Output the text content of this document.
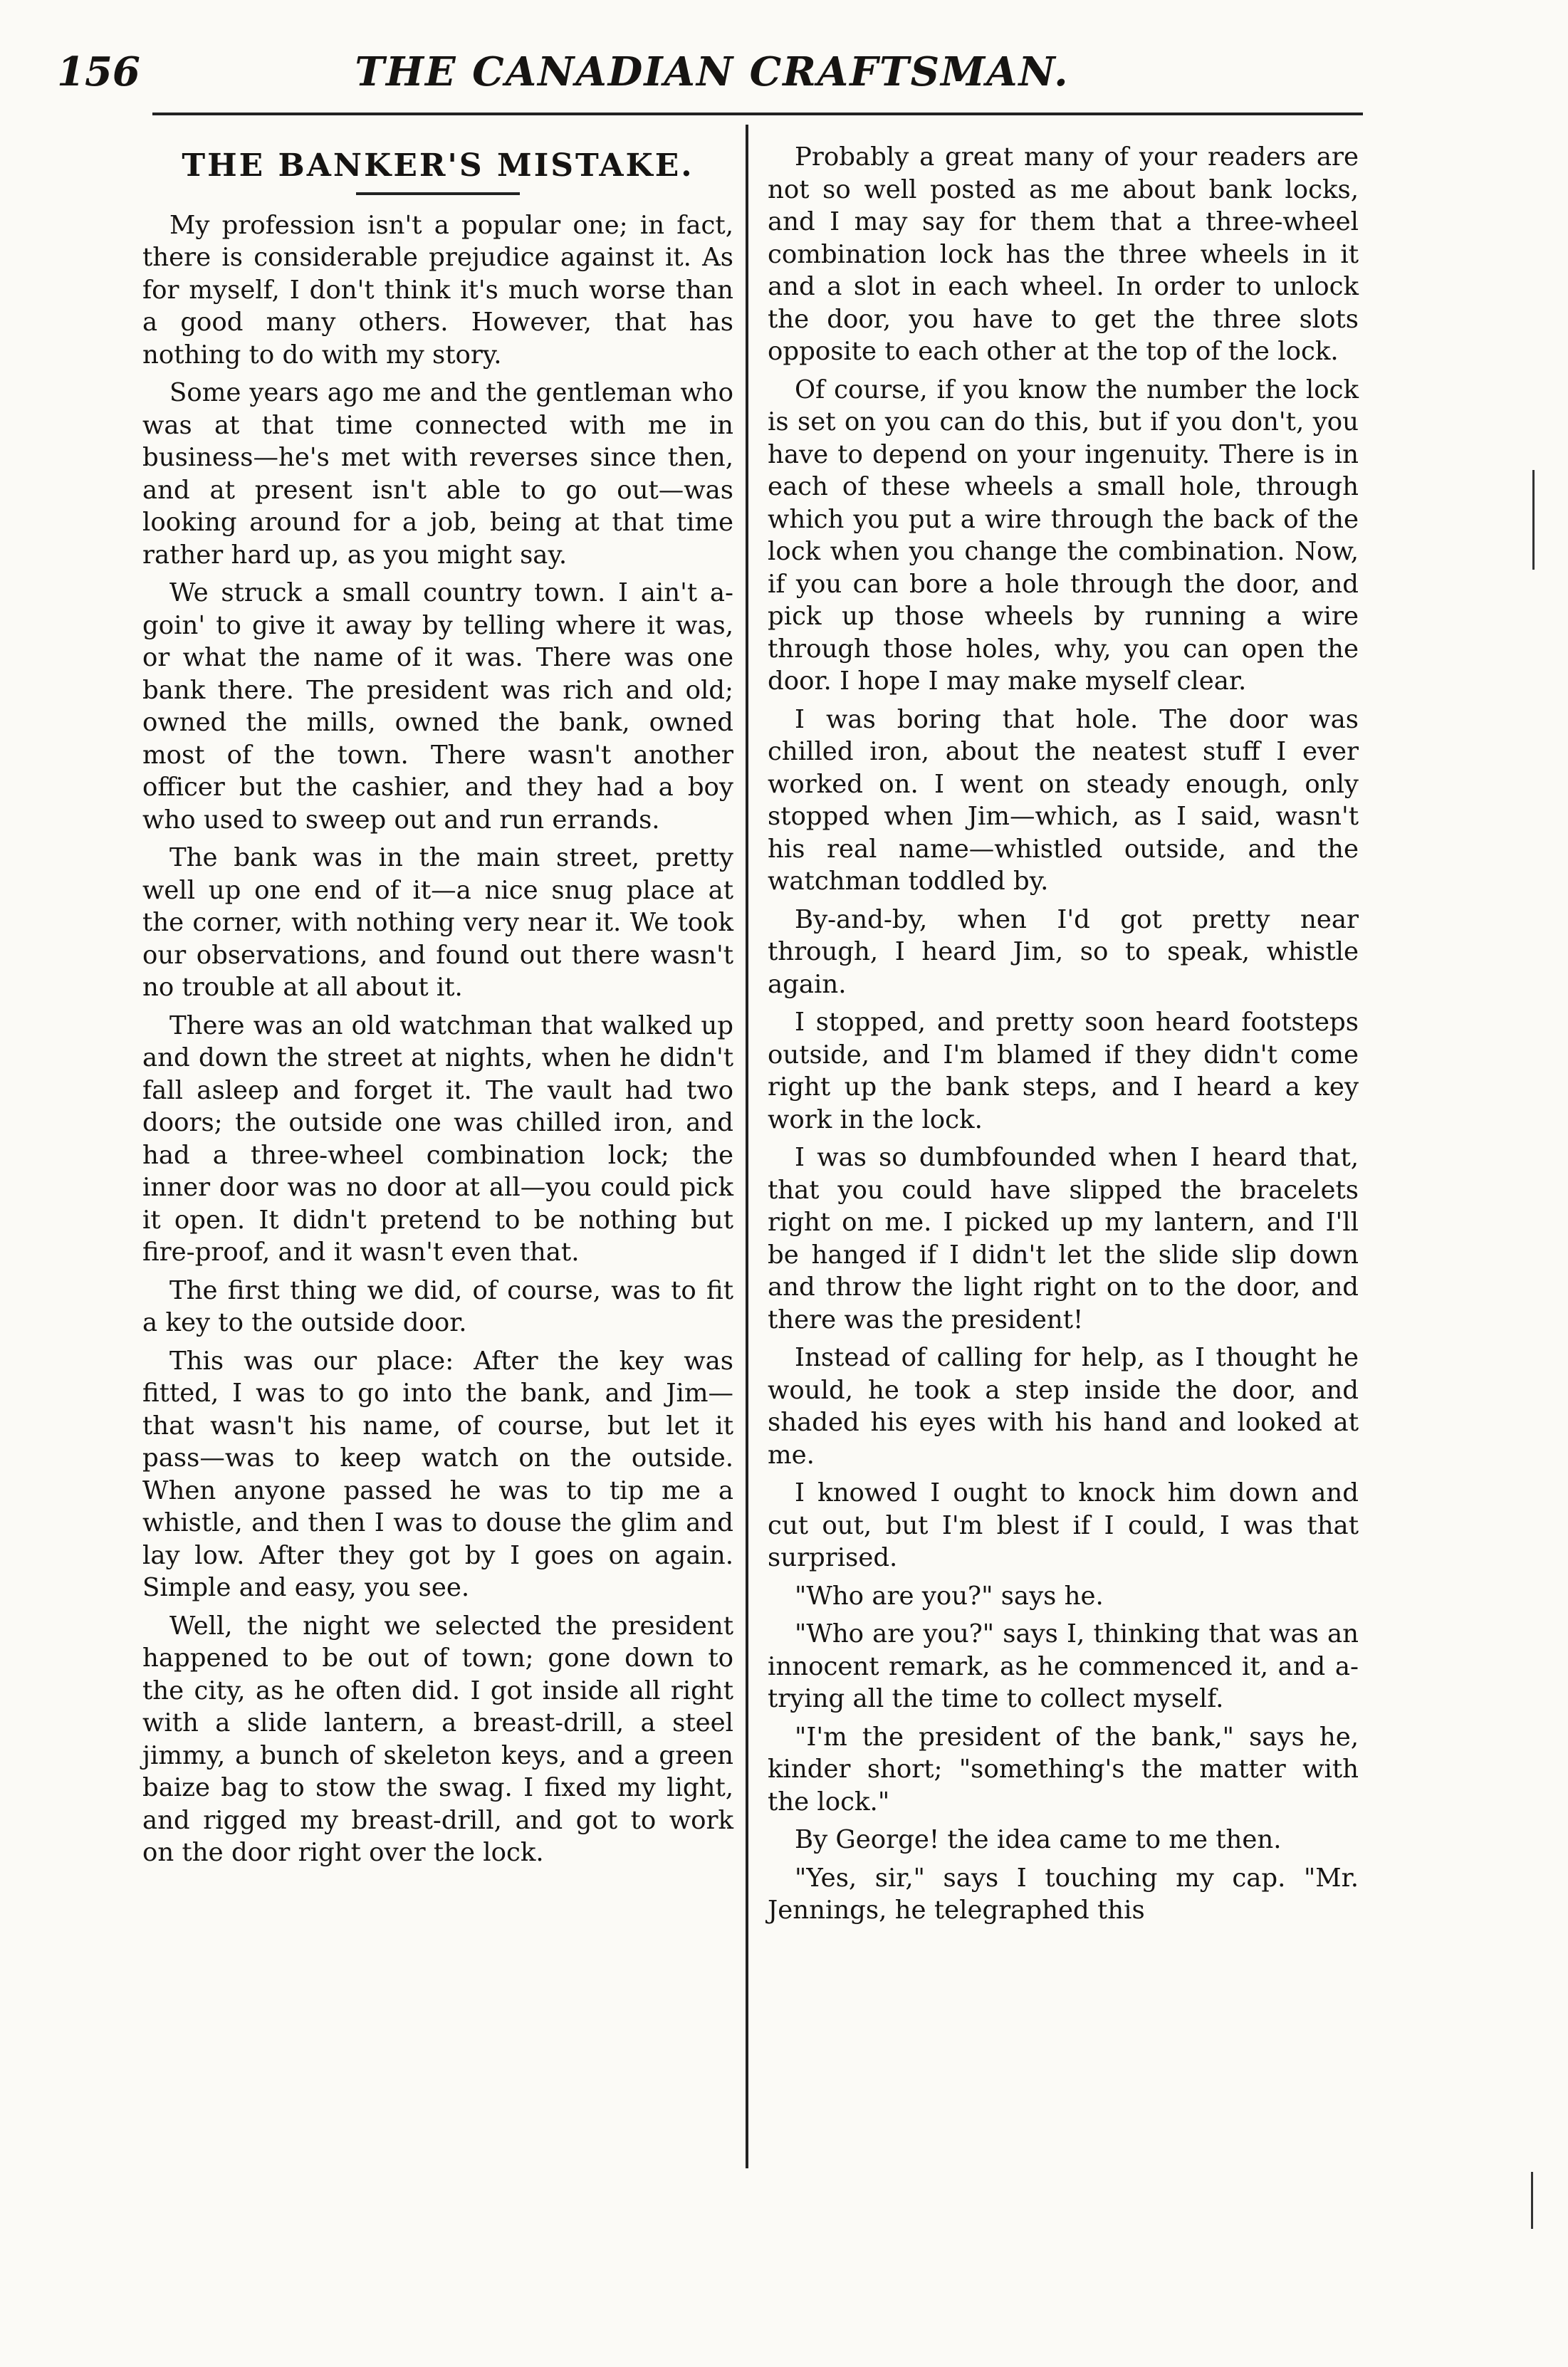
156	THE CANADIAN CRAFTSMAN.
THE BANKER'S MISTAKE.

My profession isn't a popular one; in fact, there is considerable prejudice against it. As for myself, I don't think it's much worse than a good many others. However, that has nothing to do with my story.

Some years ago me and the gentleman who was at that time connected with me in business—he's met with reverses since then, and at present isn't able to go out—was looking around for a job, being at that time rather hard up, as you might say.

We struck a small country town. I ain't a-goin' to give it away by telling where it was, or what the name of it was. There was one bank there. The president was rich and old; owned the mills, owned the bank, owned most of the town. There wasn't another officer but the cashier, and they had a boy who used to sweep out and run errands.

The bank was in the main street, pretty well up one end of it—a nice snug place at the corner, with nothing very near it. We took our observations, and found out there wasn't no trouble at all about it.

There was an old watchman that walked up and down the street at nights, when he didn't fall asleep and forget it. The vault had two doors; the outside one was chilled iron, and had a three-wheel combination lock; the inner door was no door at all—you could pick it open. It didn't pretend to be nothing but fire-proof, and it wasn't even that.

The first thing we did, of course, was to fit a key to the outside door.

This was our place: After the key was fitted, I was to go into the bank, and Jim—that wasn't his name, of course, but let it pass—was to keep watch on the outside. When anyone passed he was to tip me a whistle, and then I was to douse the glim and lay low. After they got by I goes on again. Simple and easy, you see.

Well, the night we selected the president happened to be out of town; gone down to the city, as he often did. I got inside all right with a slide lantern, a breast-drill, a steel jimmy, a bunch of skeleton keys, and a green baize bag to stow the swag. I fixed my light, and rigged my breast-drill, and got to work on the door right over the lock.

Probably a great many of your readers are not so well posted as me about bank locks, and I may say for them that a three-wheel combination lock has the three wheels in it and a slot in each wheel. In order to unlock the door, you have to get the three slots opposite to each other at the top of the lock.

Of course, if you know the number the lock is set on you can do this, but if you don't, you have to depend on your ingenuity. There is in each of these wheels a small hole, through which you put a wire through the back of the lock when you change the combination. Now, if you can bore a hole through the door, and pick up those wheels by running a wire through those holes, why, you can open the door. I hope I may make myself clear.

I was boring that hole. The door was chilled iron, about the neatest stuff I ever worked on. I went on steady enough, only stopped when Jim—which, as I said, wasn't his real name—whistled outside, and the watchman toddled by.

By-and-by, when I'd got pretty near through, I heard Jim, so to speak, whistle again.

I stopped, and pretty soon heard footsteps outside, and I'm blamed if they didn't come right up the bank steps, and I heard a key work in the lock.

I was so dumbfounded when I heard that, that you could have slipped the bracelets right on me. I picked up my lantern, and I'll be hanged if I didn't let the slide slip down and throw the light right on to the door, and there was the president!

Instead of calling for help, as I thought he would, he took a step inside the door, and shaded his eyes with his hand and looked at me.

I knowed I ought to knock him down and cut out, but I'm blest if I could, I was that surprised.

"Who are you?" says he.

"Who are you?" says I, thinking that was an innocent remark, as he commenced it, and a-trying all the time to collect myself.

"I'm the president of the bank," says he, kinder short; "something's the matter with the lock."

By George! the idea came to me then.

"Yes, sir," says I touching my cap. "Mr. Jennings, he telegraphed this
